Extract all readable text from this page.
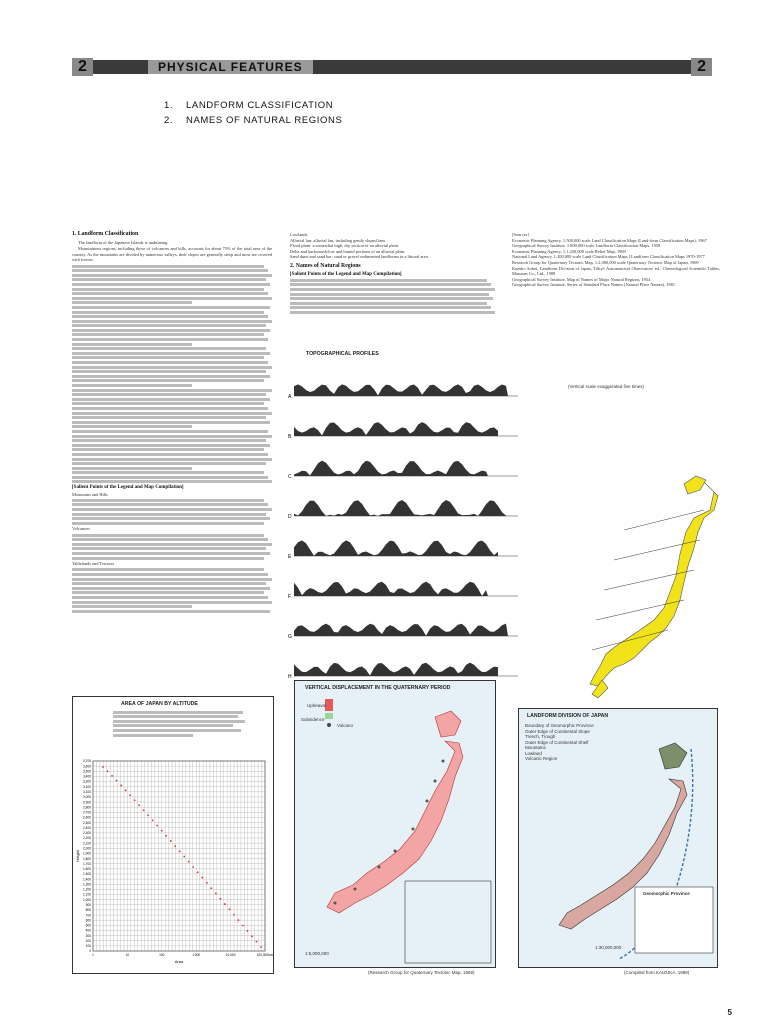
2	PHYSICAL FEATURES	2
1. LANDFORM CLASSIFICATION
2. NAMES OF NATURAL REGIONS
1. Landform Classification

The landform of the Japanese Islands is undulating.

Mountainous regions, including those of volcanoes and hills, accounts for about 75% of the total area of the country. As the mountains are divided by numerous valleys, their slopes are generally steep and most are covered with forests.

[Salient Points of the Legend and Map Compilation]
Mountains and Hills
Volcanoes
Tablelands and Terraces
Lowlands
Alluvial fan: alluvial fan, including gently sloped fans.
Flood plain: a somewhat high, dry section of an alluvial plain.
Delta and backmarsh:low and humid portions of an alluvial plain.
Sand dune and sand bar: sand or gravel sedimented landforms in a littoral area.
2. Names of Natural Regions
[Salient Points of the Legend and Map Compilation]
[Sources]
Economic Planning Agency, 1:500,000 scale Land Classification Maps (Land-form Classification Maps), 1967
Geographical Survey Institute, 1:800,000 scale Landform Classification Maps, 1958
Economic Planning Agency, 1:1,250,000 scale Relief Map, 1969
National Land Agency, 1:200,000 scale Land Classification Maps I Landform Classification Maps 1970-1977
Research Group for Quaternary Tectonic Map, 1:2,000,000 scale Quaternary Tectonic Map of Japan, 1969
Kazuko Sohei, Landform Division of Japan, Tōkyō Astronomical Observatory ed., Chronological Scientific Tables, Maruzen Co., Ltd., 1988
Geographical Survey Institute, Map of Names of Major Natural Regions, 1954
Geographical Survey Institute, Series of Standard Place Names (Natural Place Names), 1981
TOPOGRAPHICAL PROFILES
(Vertical scale exaggerated five times)
A
B
C
D
E
F
G
H
AREA OF JAPAN BY ALTITUDE
3,700
3,600
3,500
3,400
3,300
3,200
3,100
3,000
2,900
2,800
2,700
2,600
2,500
2,400
2,300
2,200
2,100
2,000
1,900
1,800
1,700
1,600
1,500
1,400
1,300
1,200
1,100
1,000
900
800
700
600
500
400
300
200
100
0
1	10	100	1,000	10,000	100,000km²
Area
Height
VERTICAL DISPLACEMENT IN THE QUATERNARY PERIOD
1:5,000,000
Upheaval
Subsidence
Volcano
(Research Group for Quaternary Tectonic Map, 1969)
LANDFORM DIVISION OF JAPAN
Boundary of Geomorphic Province
Outer Edge of Continental Slope
Trench, Trough
Outer Edge of Continental Shelf
Mountains
Lowland
Volcanic Region
Geomorphic Province
1:30,000,000
(Compiled from KAIZUKA, 1988)
5
